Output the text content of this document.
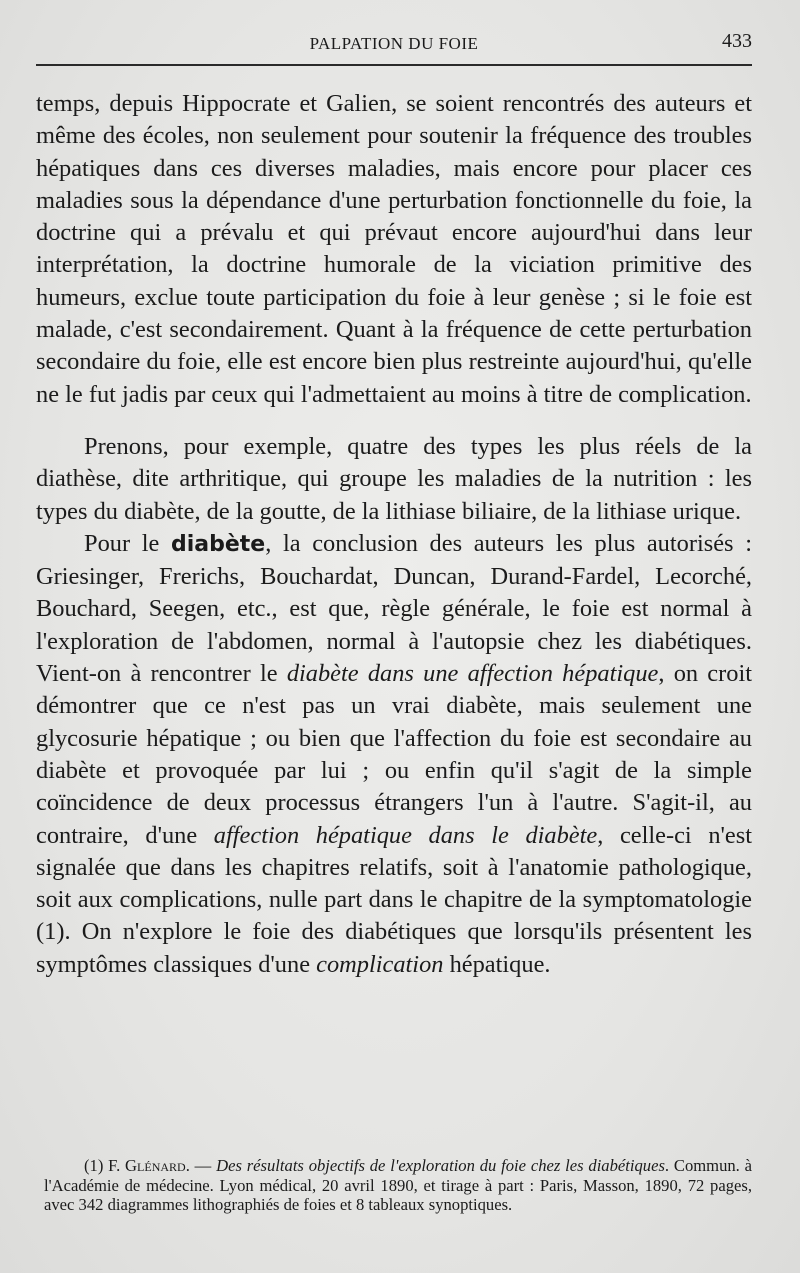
PALPATION DU FOIE	433

temps, depuis Hippocrate et Galien, se soient rencontrés des auteurs et même des écoles, non seulement pour soutenir la fréquence des troubles hépatiques dans ces diverses maladies, mais encore pour placer ces maladies sous la dépendance d'une perturbation fonctionnelle du foie, la doctrine qui a prévalu et qui prévaut encore aujourd'hui dans leur interprétation, la doctrine humorale de la viciation primitive des humeurs, exclue toute participation du foie à leur genèse ; si le foie est malade, c'est secondairement. Quant à la fréquence de cette perturbation secondaire du foie, elle est encore bien plus restreinte aujourd'hui, qu'elle ne le fut jadis par ceux qui l'admettaient au moins à titre de complication.

Prenons, pour exemple, quatre des types les plus réels de la diathèse, dite arthritique, qui groupe les maladies de la nutrition : les types du diabète, de la goutte, de la lithiase biliaire, de la lithiase urique.

Pour le diabète, la conclusion des auteurs les plus autorisés : Griesinger, Frerichs, Bouchardat, Duncan, Durand-Fardel, Lecorché, Bouchard, Seegen, etc., est que, règle générale, le foie est normal à l'exploration de l'abdomen, normal à l'autopsie chez les diabétiques. Vient-on à rencontrer le diabète dans une affection hépatique, on croit démontrer que ce n'est pas un vrai diabète, mais seulement une glycosurie hépatique ; ou bien que l'affection du foie est secondaire au diabète et provoquée par lui ; ou enfin qu'il s'agit de la simple coïncidence de deux processus étrangers l'un à l'autre. S'agit-il, au contraire, d'une affection hépatique dans le diabète, celle-ci n'est signalée que dans les chapitres relatifs, soit à l'anatomie pathologique, soit aux complications, nulle part dans le chapitre de la symptomatologie (1). On n'explore le foie des diabétiques que lorsqu'ils présentent les symptômes classiques d'une complication hépatique.

(1) F. Glénard. — Des résultats objectifs de l'exploration du foie chez les diabétiques. Commun. à l'Académie de médecine. Lyon médical, 20 avril 1890, et tirage à part : Paris, Masson, 1890, 72 pages, avec 342 diagrammes lithographiés de foies et 8 tableaux synoptiques.
